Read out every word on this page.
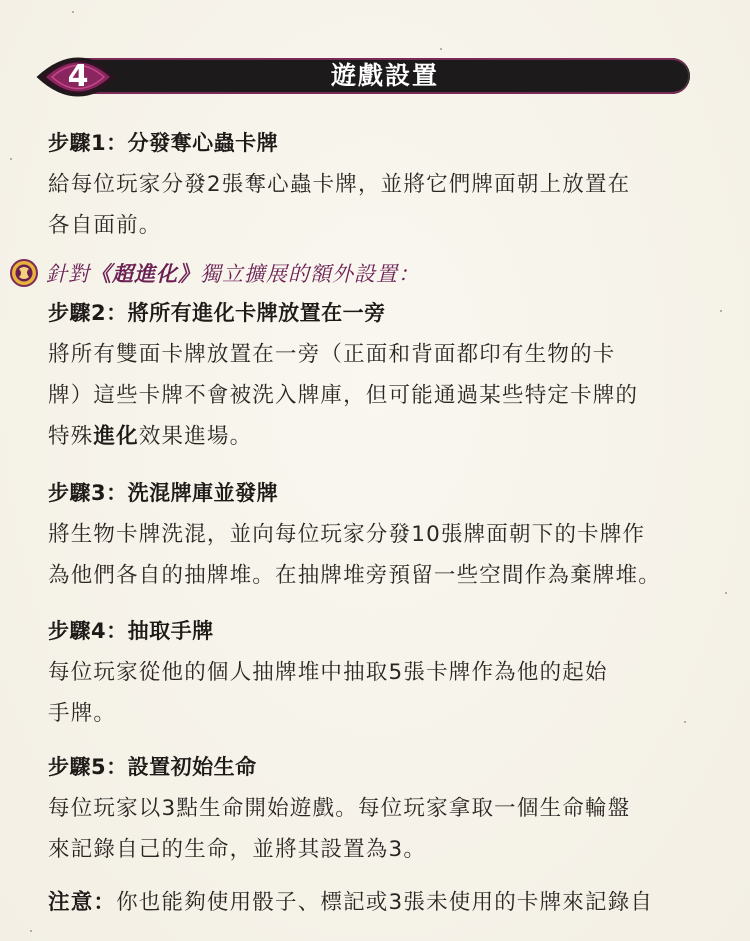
遊戲設置
4

步驟1：分發奪心蟲卡牌

給每位玩家分發2張奪心蟲卡牌，並將它們牌面朝上放置在

各自面前。

步驟2：將所有進化卡牌放置在一旁

將所有雙面卡牌放置在一旁（正面和背面都印有生物的卡

牌）這些卡牌不會被洗入牌庫，但可能通過某些特定卡牌的

特殊進化效果進場。

步驟3：洗混牌庫並發牌

將生物卡牌洗混，並向每位玩家分發10張牌面朝下的卡牌作

為他們各自的抽牌堆。在抽牌堆旁預留一些空間作為棄牌堆。

步驟4：抽取手牌

每位玩家從他的個人抽牌堆中抽取5張卡牌作為他的起始

手牌。

步驟5：設置初始生命

每位玩家以3點生命開始遊戲。每位玩家拿取一個生命輪盤

來記錄自己的生命，並將其設置為3。

注意：你也能夠使用骰子、標記或3張未使用的卡牌來記錄自

針對《超進化》獨立擴展的額外設置：
